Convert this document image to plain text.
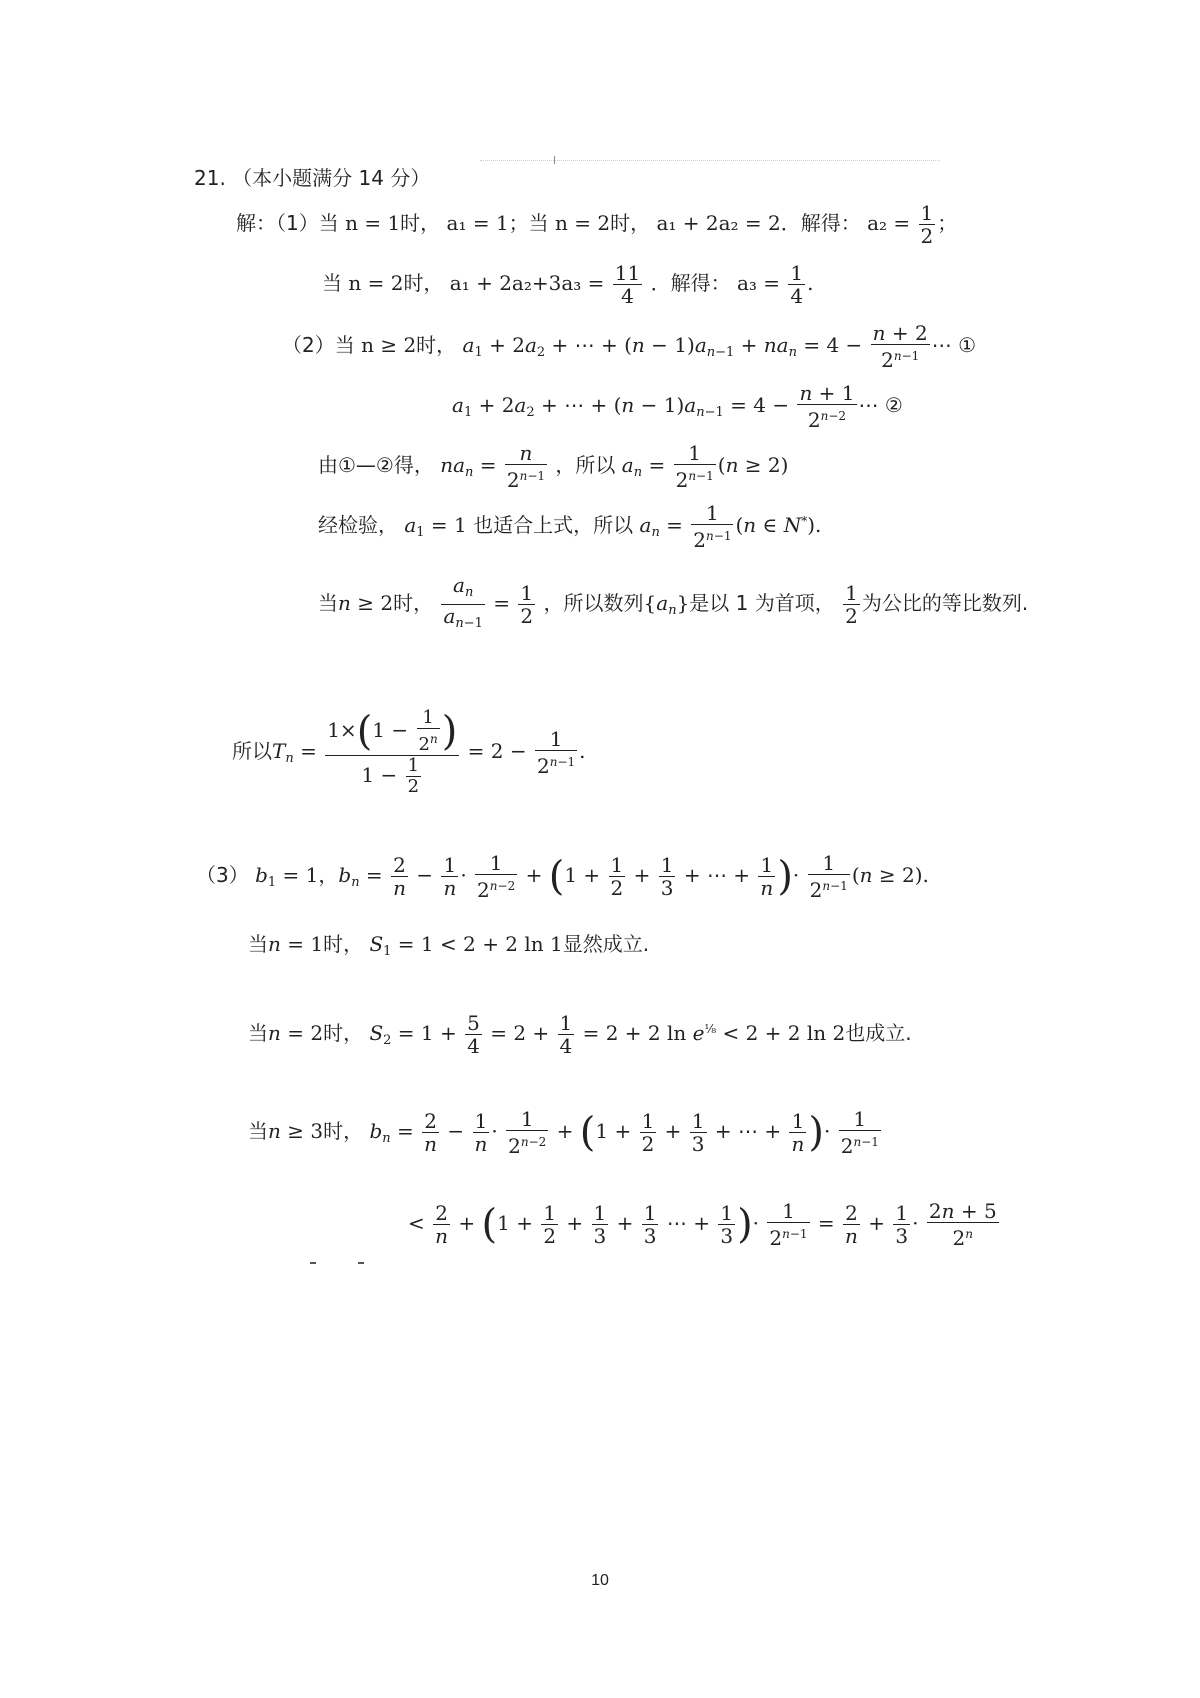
21. （本小题满分 14 分）
解：（1）当 n = 1时， a₁ = 1；当 n = 2时， a₁ + 2a₂ = 2．解得： $a_2 = \frac{1}{2}$ ；
当 n = 2时， $a_1 + 2a_2+3a_3 = \frac{11}{4}$ ．解得： $a_3 = \frac{1}{4}$ .
（2）当 n ≥ 2时， $a_1 + 2a_2$ + ⋯ + $(n - 1)a_{n-1} + na_n = 4 - \frac{n + 2}{2^{n-1}}$ ⋯ ①
$a_1 + 2a_2$ + ⋯ + $(n - 1)a_{n-1} = 4 - \frac{n + 1}{2^{n-2}}$ ⋯ ②
由①—②得， $na_n = \frac{n}{2^{n-1}}$ ，所以 $a_n = \frac{1}{2^{n-1}} (n \ge 2)$
经检验， $a_1 = 1$ 也适合上式，所以 $a_n = \frac{1}{2^{n-1}} (n$ ∈ N*).
当n ≥ 2时， $\frac{a_n}{a_{n-1}} = \frac{1}{2}$ ，所以数列$\{a_n\}$是以 1 为首项， $\frac{1}{2}$ 为公比的等比数列.
所以$T_n = \frac{1\times(1 - \frac{1}{2^n} )}{1 - \frac{1}{2}} = 2 - \frac{1}{2^{n-1}}$ .
（3） $b_1 = 1$，$b_n = \frac{2}{n} - \frac{1}{n} \cdot \frac{1}{2^{n-2}} + (1 + \frac{1}{2} + \frac{1}{3}$ + ⋯ + $\frac{1}{n}$ )· $\frac{1}{2^{n-1}} (n \ge 2)$.
当n = 1时， $S_1 = 1 < 2 + 2$ ln 1显然成立.
当n = 2时， $S_2 = 1 + \frac{5}{4} = 2 + \frac{1}{4} = 2 + 2$ $\ln e^{\frac{1}{8}} < 2 + 2$ ln 2也成立.
当n ≥ 3时， $b_n = \frac{2}{n} - \frac{1}{n} \cdot \frac{1}{2^{n-2}} + (1 + \frac{1}{2} + \frac{1}{3}$ + ⋯ + $\frac{1}{n}$ )· $\frac{1}{2^{n-1}}$
< $\frac{2}{n} + (1 + \frac{1}{2} + \frac{1}{3} + \frac{1}{3}$ ⋯ + $\frac{1}{3}$ )· $\frac{1}{2^{n-1}} = \frac{2}{n} + \frac{1}{3} \cdot \frac{2n + 5}{2^n}$
10
